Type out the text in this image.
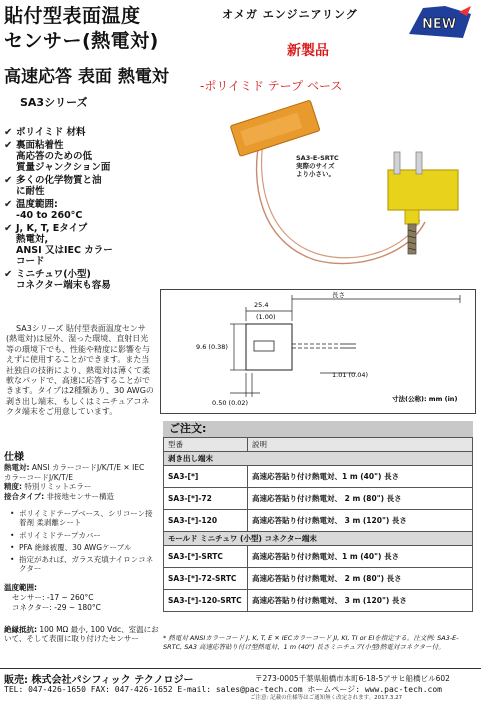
貼付型表面温度
センサー(熱電対)
高速応答 表面 熱電対
SA3シリーズ
オメガ エンジニアリング
NEW
新製品
-ポリイミド テープ ベース
SA3-E-SRTC 実際のサイズ より小さい。
✔ ポリイミド 材料
✔ 裏面粘着性
高応答のための低
質量ジャンクション面
✔ 多くの化学物質と油
に耐性
✔ 温度範囲:
-40 to 260°C
✔ J, K, T, Eタイプ
熱電対,
ANSI 又はIEC カラー
コード
✔ ミニチュワ(小型)
コネクター端末も容易
SA3シリーズ 貼付型表面温度センサ(熱電対)は屋外、湿った環境、直射日光等の環境下でも、性能や精度に影響を与えずに使用することができます。また当社独自の技術により、熱電対は薄くて柔軟なパッドで、高速に応答することができます。タイプは2種類あり、30 AWGの剥き出し端末、もしくはミニチュアコネクタ端末をご用意しています。
仕様
熱電対: ANSI カラーコードJ/K/T/E ✕ IEC カラーコードJ/K/T/E
精度: 特別リミットエラー
接合タイプ: 非接地センサー構造
• ポリイミドテープベース、シリコーン接着剤 柔剥離シート
• ポリイミドテープカバー
• PFA 絶縁被覆、30 AWGケーブル
• 指定があれば、ガラス充填ナイロンコネクター
温度範囲:
センサー: -17 ~ 260°C
コネクター: -29 ~ 180°C
絶縁抵抗: 100 MΩ 最小, 100 Vdc、室温において、そして表面に取り付けたセンサー
25.4
(1.00)
長さ
9.6 (0.38)
1.01 (0.04)
0.50 (0.02)	寸法(公称): mm (in)
ご注文:
型番	説明
剥き出し端末	
SA3-[*]	高速応答貼り付け熱電対、1 m (40") 長さ
SA3-[*]-72	高速応答貼り付け熱電対、 2 m (80") 長さ
SA3-[*]-120	高速応答貼り付け熱電対、 3 m (120") 長さ
モールド ミニチュワ (小型) コネクター端末	
SA3-[*]-SRTC	高速応答貼り付け熱電対、1 m (40") 長さ
SA3-[*]-72-SRTC	高速応答貼り付け熱電対、 2 m (80") 長さ
SA3-[*]-120-SRTC	高速応答貼り付け熱電対、 3 m (120") 長さ
* 熱電対 ANSIカラーコード J, K, T, E ✕ IECカラーコード JI, KI, TI or EIを指定する。注文例: SA3-E-SRTC, SA3 高速応答貼り付け型熱電対、1 m (40") 長さミニチュア(小型)熱電対コネクター付。
販売: 株式会社パシフィック テクノロジー	〒273-0005千葉県船橋市本町6-18-5アサヒ船橋ビル602
TEL: 047-426-1650 FAX: 047-426-1652 E-mail: sales@pac-tech.com ホームページ: www.pac-tech.com
ご注意: 記載の仕様等はご通知無く改定されます。2017.3.27
